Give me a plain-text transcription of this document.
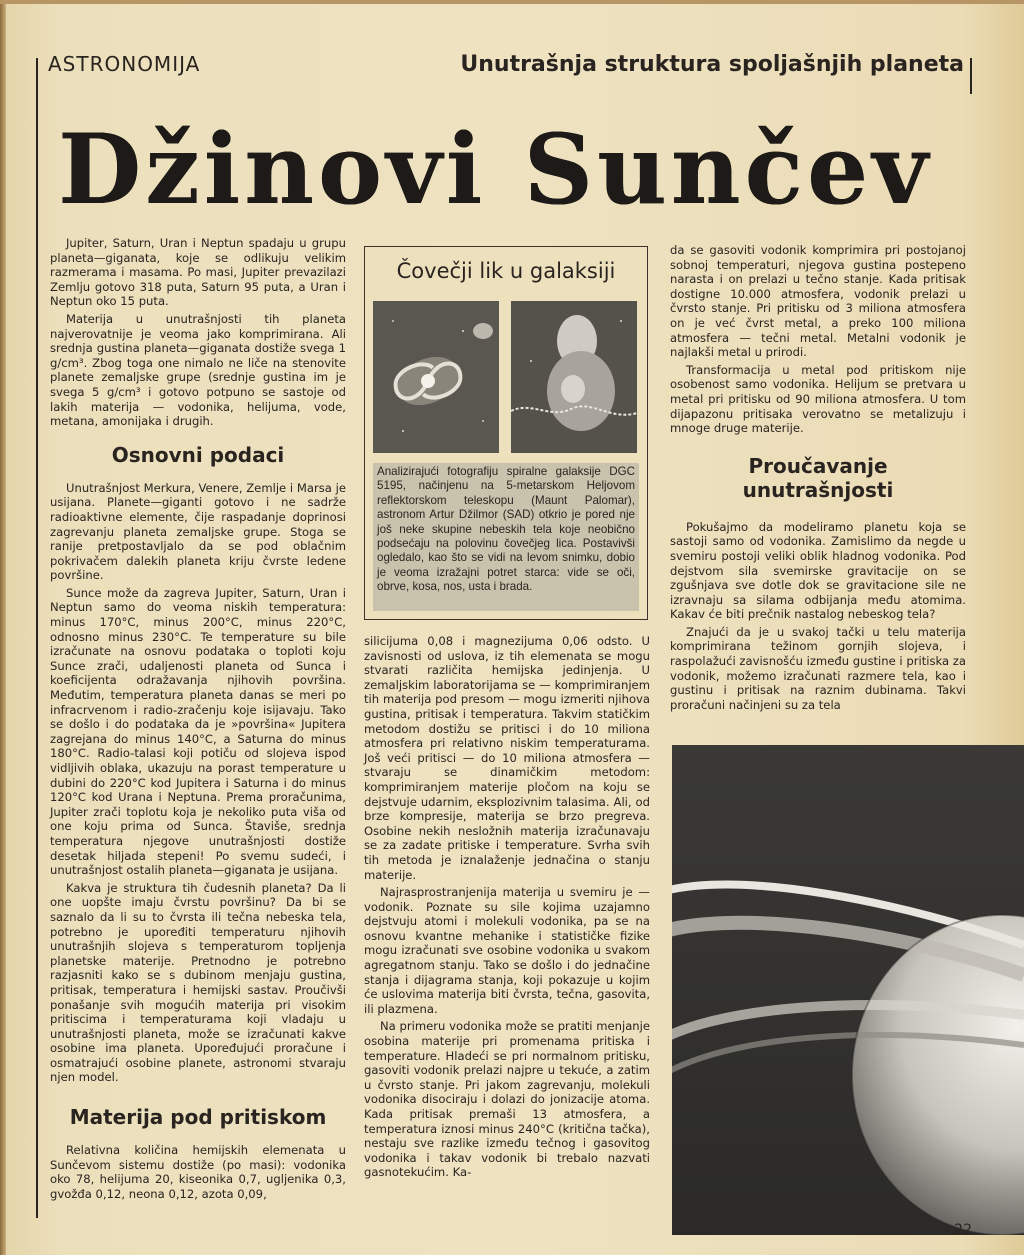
ASTRONOMIJA	Unutrašnja struktura spoljašnjih planeta
Džinovi Sunčev

Jupiter, Saturn, Uran i Neptun spadaju u grupu planeta—giganata, koje se odlikuju velikim razmerama i masama. Po masi, Jupiter prevazilazi Zemlju gotovo 318 puta, Saturn 95 puta, a Uran i Neptun oko 15 puta.

Materija u unutrašnjosti tih planeta najverovatnije je veoma jako komprimirana. Ali srednja gustina planeta—giganata dostiže svega 1 g/cm³. Zbog toga one nimalo ne liče na stenovite planete zemaljske grupe (srednje gustina im je svega 5 g/cm³ i gotovo potpuno se sastoje od lakih materija — vodonika, helijuma, vode, metana, amonijaka i drugih.

Osnovni podaci

Unutrašnjost Merkura, Venere, Zemlje i Marsa je usijana. Planete—giganti gotovo i ne sadrže radioaktivne elemente, čije raspadanje doprinosi zagrevanju planeta zemaljske grupe. Stoga se ranije pretpostavljalo da se pod oblačnim pokrivačem dalekih planeta kriju čvrste ledene površine.

Sunce može da zagreva Jupiter, Saturn, Uran i Neptun samo do veoma niskih temperatura: minus 170°C, minus 200°C, minus 220°C, odnosno minus 230°C. Te temperature su bile izračunate na osnovu podataka o toploti koju Sunce zrači, udaljenosti planeta od Sunca i koeficijenta odražavanja njihovih površina. Međutim, temperatura planeta danas se meri po infracrvenom i radio-zračenju koje isijavaju. Tako se došlo i do podataka da je »površina« Jupitera zagrejana do minus 140°C, a Saturna do minus 180°C. Radio-talasi koji potiču od slojeva ispod vidljivih oblaka, ukazuju na porast temperature u dubini do 220°C kod Jupitera i Saturna i do minus 120°C kod Urana i Neptuna. Prema proračunima, Jupiter zrači toplotu koja je nekoliko puta viša od one koju prima od Sunca. Štaviše, srednja temperatura njegove unutrašnjosti dostiže desetak hiljada stepeni! Po svemu sudeći, i unutrašnjost ostalih planeta—giganata je usijana.

Kakva je struktura tih čudesnih planeta? Da li one uopšte imaju čvrstu površinu? Da bi se saznalo da li su to čvrsta ili tečna nebeska tela, potrebno je upoređiti temperaturu njihovih unutrašnjih slojeva s temperaturom topljenja planetske materije. Pretnodno je potrebno razjasniti kako se s dubinom menjaju gustina, pritisak, temperatura i hemijski sastav. Proučivši ponašanje svih mogućih materija pri visokim pritiscima i temperaturama koji vladaju u unutrašnjosti planeta, može se izračunati kakve osobine ima planeta. Upoređujući proračune i osmatrajući osobine planete, astronomi stvaraju njen model.

Materija pod pritiskom

Relativna količina hemijskih elemenata u Sunčevom sistemu dostiže (po masi): vodonika oko 78, helijuma 20, kiseonika 0,7, ugljenika 0,3, gvožđa 0,12, neona 0,12, azota 0,09,

Čovečji lik u galaksiji
Analizirajući fotografiju spiralne galaksije DGC 5195, načinjenu na 5-metarskom Heljovom reflektorskom teleskopu (Maunt Palomar), astronom Artur Džilmor (SAD) otkrio je pored nje još neke skupine nebeskih tela koje neobično podsećaju na polovinu čovečjeg lica. Postavivši ogledalo, kao što se vidi na levom snimku, dobio je veoma izražajni potret starca: vide se oči, obrve, kosa, nos, usta i brada.

silicijuma 0,08 i magnezijuma 0,06 odsto. U zavisnosti od uslova, iz tih elemenata se mogu stvarati različita hemijska jedinjenja. U zemaljskim laboratorijama se — komprimiranjem tih materija pod presom — mogu izmeriti njihova gustina, pritisak i temperatura. Takvim statičkim metodom dostižu se pritisci i do 10 miliona atmosfera pri relativno niskim temperaturama. Još veći pritisci — do 10 miliona atmosfera — stvaraju se dinamičkim metodom: komprimiranjem materije pločom na koju se dejstvuje udarnim, eksplozivnim talasima. Ali, od brze kompresije, materija se brzo pregreva. Osobine nekih nesložnih materija izračunavaju se za zadate pritiske i temperature. Svrha svih tih metoda je iznalaženje jednačina o stanju materije.

Najrasprostranjenija materija u svemiru je — vodonik. Poznate su sile kojima uzajamno dejstvuju atomi i molekuli vodonika, pa se na osnovu kvantne mehanike i statističke fizike mogu izračunati sve osobine vodonika u svakom agregatnom stanju. Tako se došlo i do jednačine stanja i dijagrama stanja, koji pokazuje u kojim će uslovima materija biti čvrsta, tečna, gasovita, ili plazmena.

Na primeru vodonika može se pratiti menjanje osobina materije pri promenama pritiska i temperature. Hladeći se pri normalnom pritisku, gasoviti vodonik prelazi najpre u tekuće, a zatim u čvrsto stanje. Pri jakom zagrevanju, molekuli vodonika disociraju i dolazi do jonizacije atoma. Kada pritisak premaši 13 atmosfera, a temperatura iznosi minus 240°C (kritična tačka), nestaju sve razlike između tečnog i gasovitog vodonika i takav vodonik bi trebalo nazvati gasnotekućim. Ka-

da se gasoviti vodonik komprimira pri postojanoj sobnoj temperaturi, njegova gustina postepeno narasta i on prelazi u tečno stanje. Kada pritisak dostigne 10.000 atmosfera, vodonik prelazi u čvrsto stanje. Pri pritisku od 3 miliona atmosfera on je već čvrst metal, a preko 100 miliona atmosfera — tečni metal. Metalni vodonik je najlakši metal u prirodi.

Transformacija u metal pod pritiskom nije osobenost samo vodonika. Helijum se pretvara u metal pri pritisku od 90 miliona atmosfera. U tom dijapazonu pritisaka verovatno se metalizuju i mnoge druge materije.

Proučavanje unutrašnjosti

Pokušajmo da modeliramo planetu koja se sastoji samo od vodonika. Zamislimo da negde u svemiru postoji veliki oblik hladnog vodonika. Pod dejstvom sila svemirske gravitacije on se zgušnjava sve dotle dok se gravitacione sile ne izravnaju sa silama odbijanja među atomima. Kakav će biti prečnik nastalog nebeskog tela?

Znajući da je u svakoj tački u telu materija komprimirana težinom gornjih slojeva, i raspolažući zavisnošću između gustine i pritiska za vodonik, možemo izračunati razmere tela, kao i gustinu i pritisak na raznim dubinama. Takvi proračuni načinjeni su za tela

22
